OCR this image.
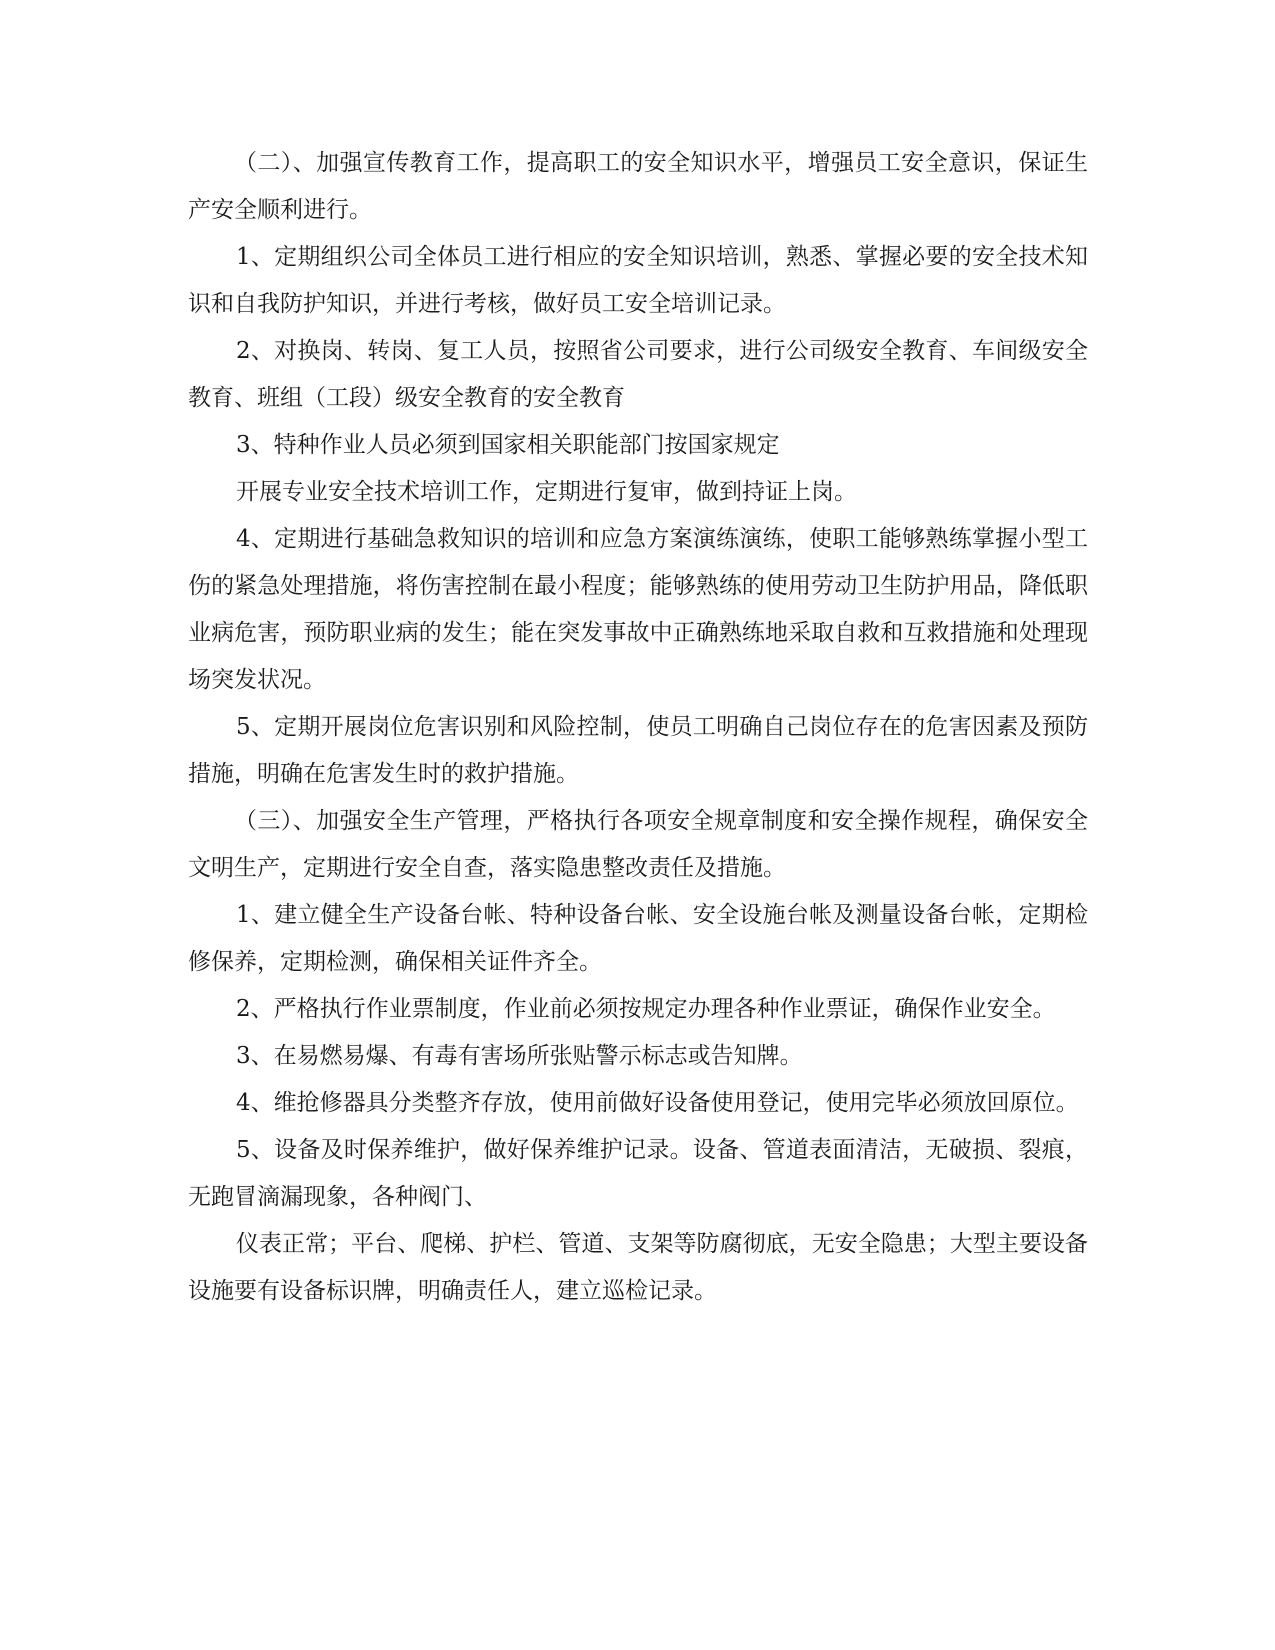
（二）、加强宣传教育工作，提高职工的安全知识水平，增强员工安全意识，保证生产安全顺利进行。

1、定期组织公司全体员工进行相应的安全知识培训，熟悉、掌握必要的安全技术知识和自我防护知识，并进行考核，做好员工安全培训记录。

2、对换岗、转岗、复工人员，按照省公司要求，进行公司级安全教育、车间级安全教育、班组（工段）级安全教育的安全教育

3、特种作业人员必须到国家相关职能部门按国家规定

开展专业安全技术培训工作，定期进行复审，做到持证上岗。

4、定期进行基础急救知识的培训和应急方案演练演练，使职工能够熟练掌握小型工伤的紧急处理措施，将伤害控制在最小程度；能够熟练的使用劳动卫生防护用品，降低职业病危害，预防职业病的发生；能在突发事故中正确熟练地采取自救和互救措施和处理现场突发状况。

5、定期开展岗位危害识别和风险控制，使员工明确自己岗位存在的危害因素及预防措施，明确在危害发生时的救护措施。

（三）、加强安全生产管理，严格执行各项安全规章制度和安全操作规程，确保安全文明生产，定期进行安全自查，落实隐患整改责任及措施。

1、建立健全生产设备台帐、特种设备台帐、安全设施台帐及测量设备台帐，定期检修保养，定期检测，确保相关证件齐全。

2、严格执行作业票制度，作业前必须按规定办理各种作业票证，确保作业安全。

3、在易燃易爆、有毒有害场所张贴警示标志或告知牌。

4、维抢修器具分类整齐存放，使用前做好设备使用登记，使用完毕必须放回原位。

5、设备及时保养维护，做好保养维护记录。设备、管道表面清洁，无破损、裂痕，无跑冒滴漏现象，各种阀门、

仪表正常；平台、爬梯、护栏、管道、支架等防腐彻底，无安全隐患；大型主要设备设施要有设备标识牌，明确责任人，建立巡检记录。
